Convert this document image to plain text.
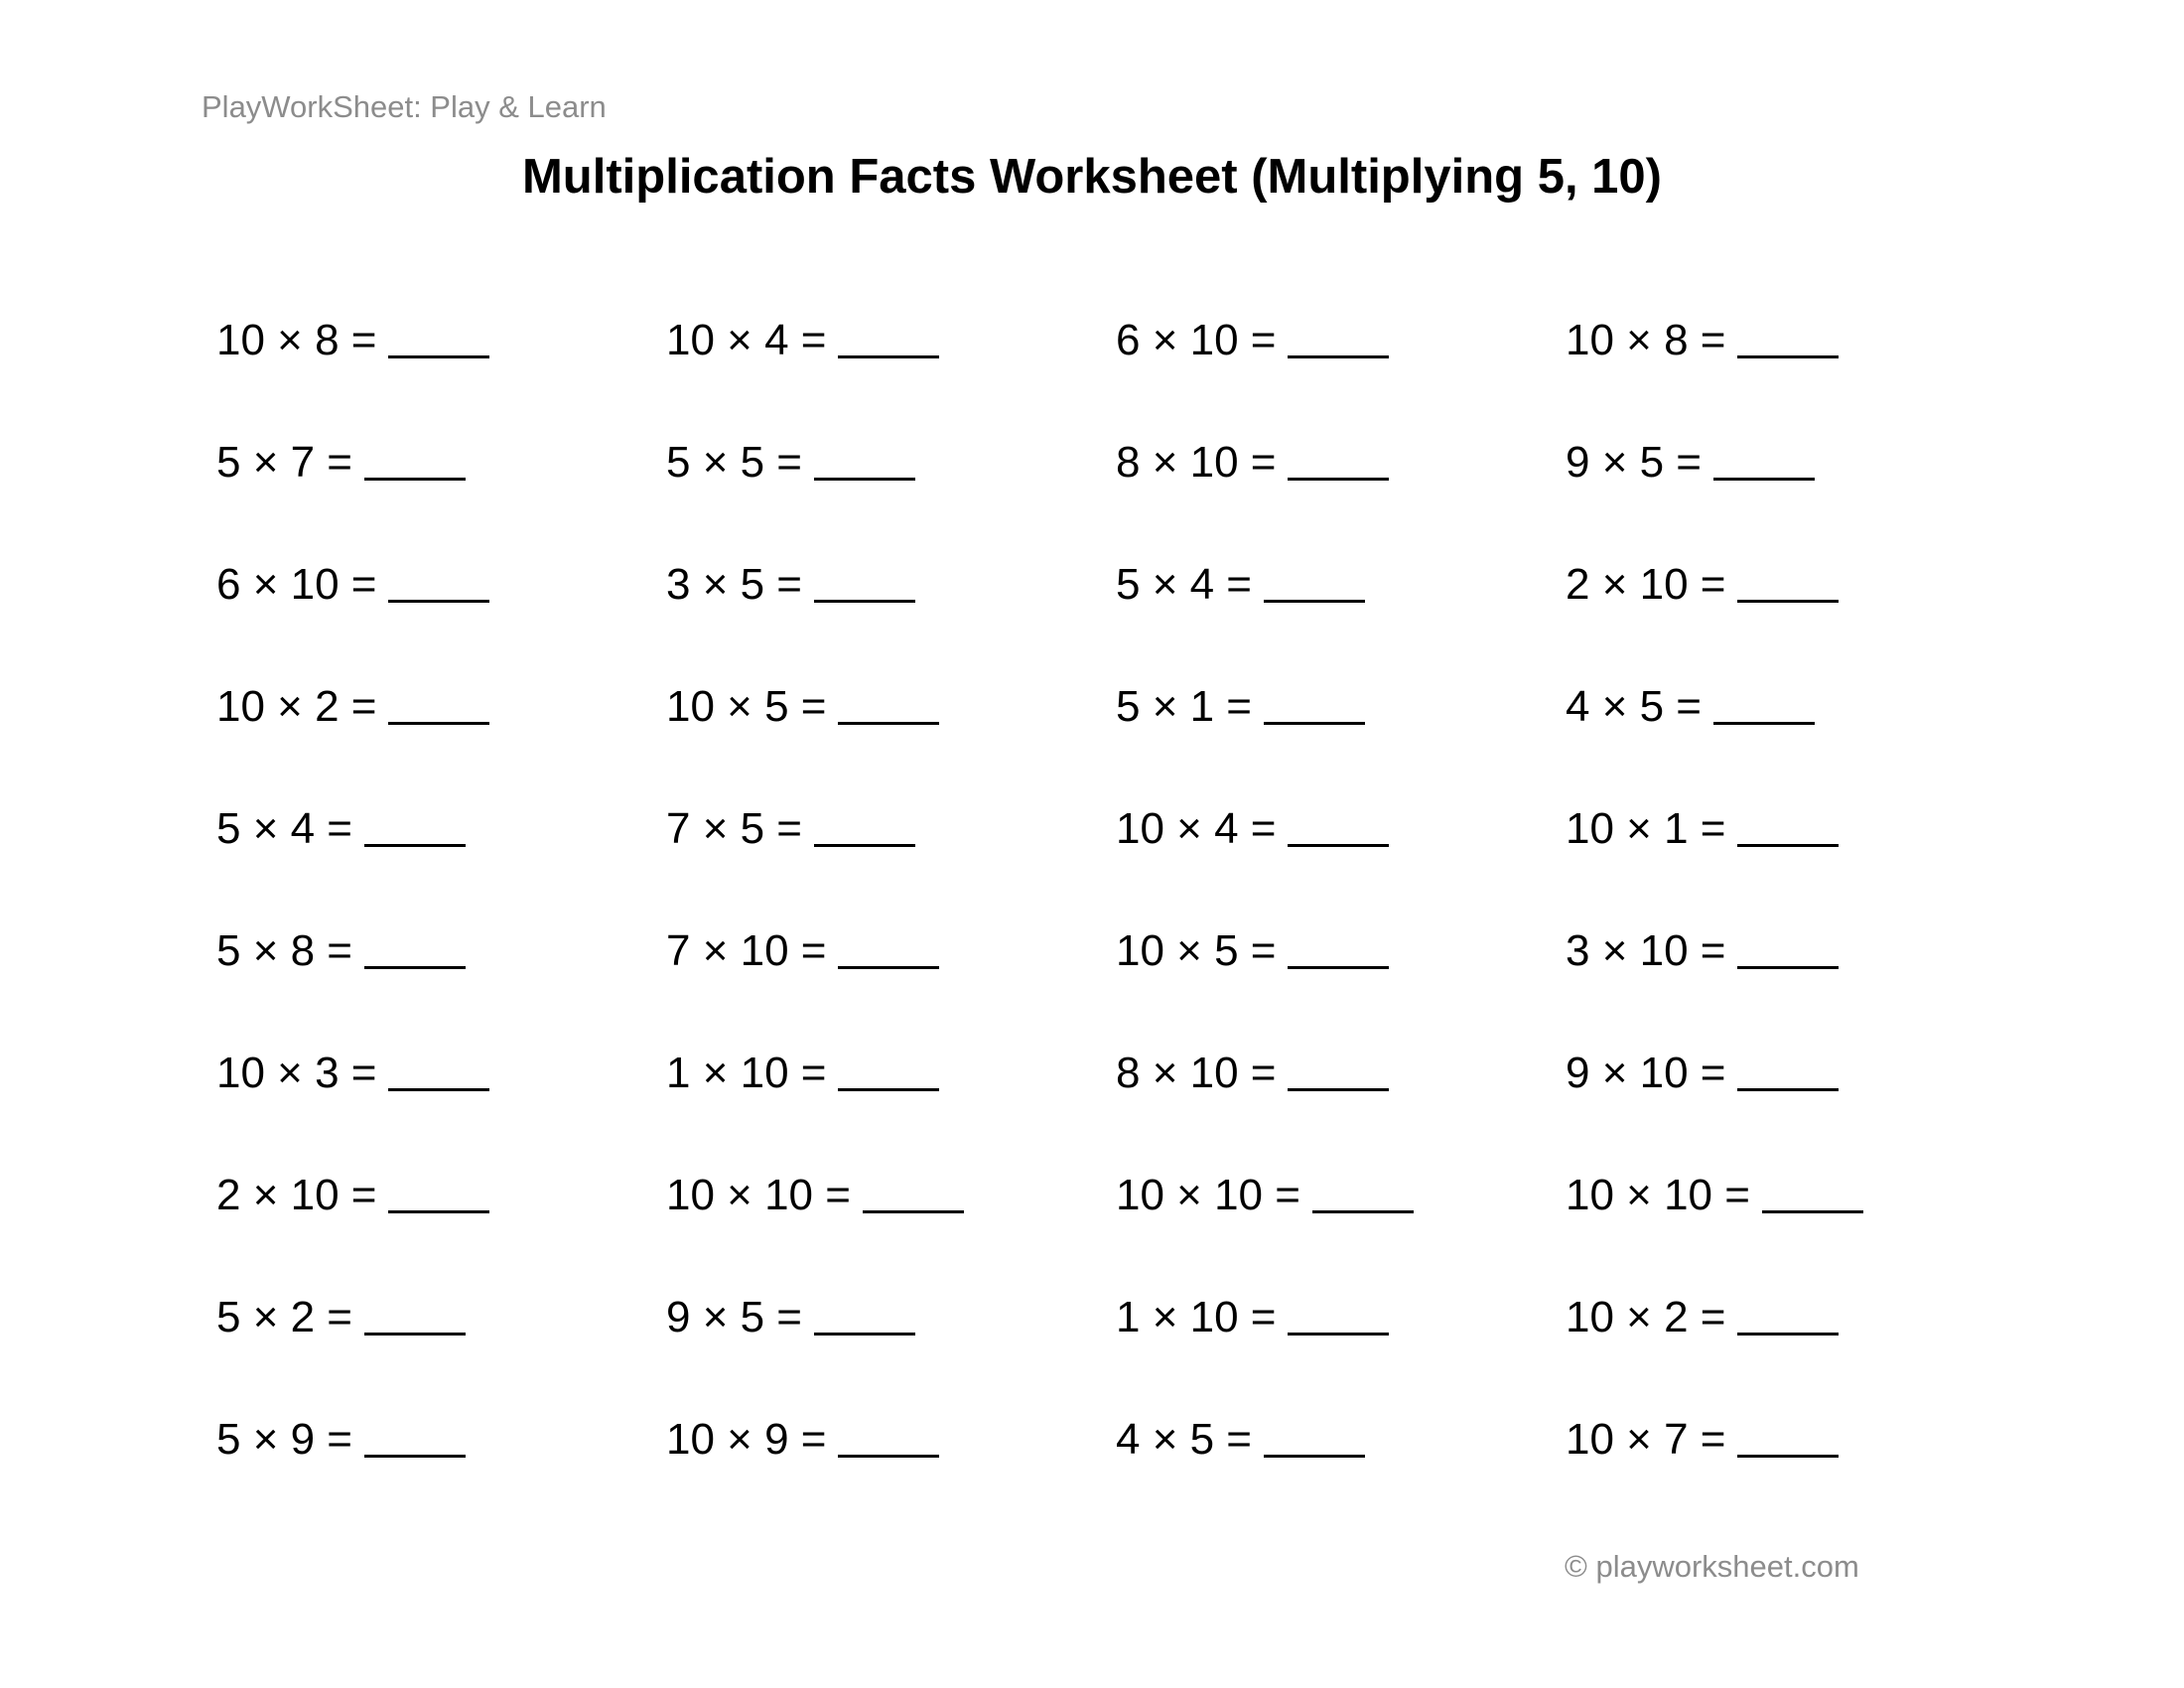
PlayWorkSheet: Play & Learn
Multiplication Facts Worksheet (Multiplying 5, 10)
10 × 8 =	10 × 4 =	6 × 10 =	10 × 8 =
5 × 7 =	5 × 5 =	8 × 10 =	9 × 5 =
6 × 10 =	3 × 5 =	5 × 4 =	2 × 10 =
10 × 2 =	10 × 5 =	5 × 1 =	4 × 5 =
5 × 4 =	7 × 5 =	10 × 4 =	10 × 1 =
5 × 8 =	7 × 10 =	10 × 5 =	3 × 10 =
10 × 3 =	1 × 10 =	8 × 10 =	9 × 10 =
2 × 10 =	10 × 10 =	10 × 10 =	10 × 10 =
5 × 2 =	9 × 5 =	1 × 10 =	10 × 2 =
5 × 9 =	10 × 9 =	4 × 5 =	10 × 7 =
© playworksheet.com
